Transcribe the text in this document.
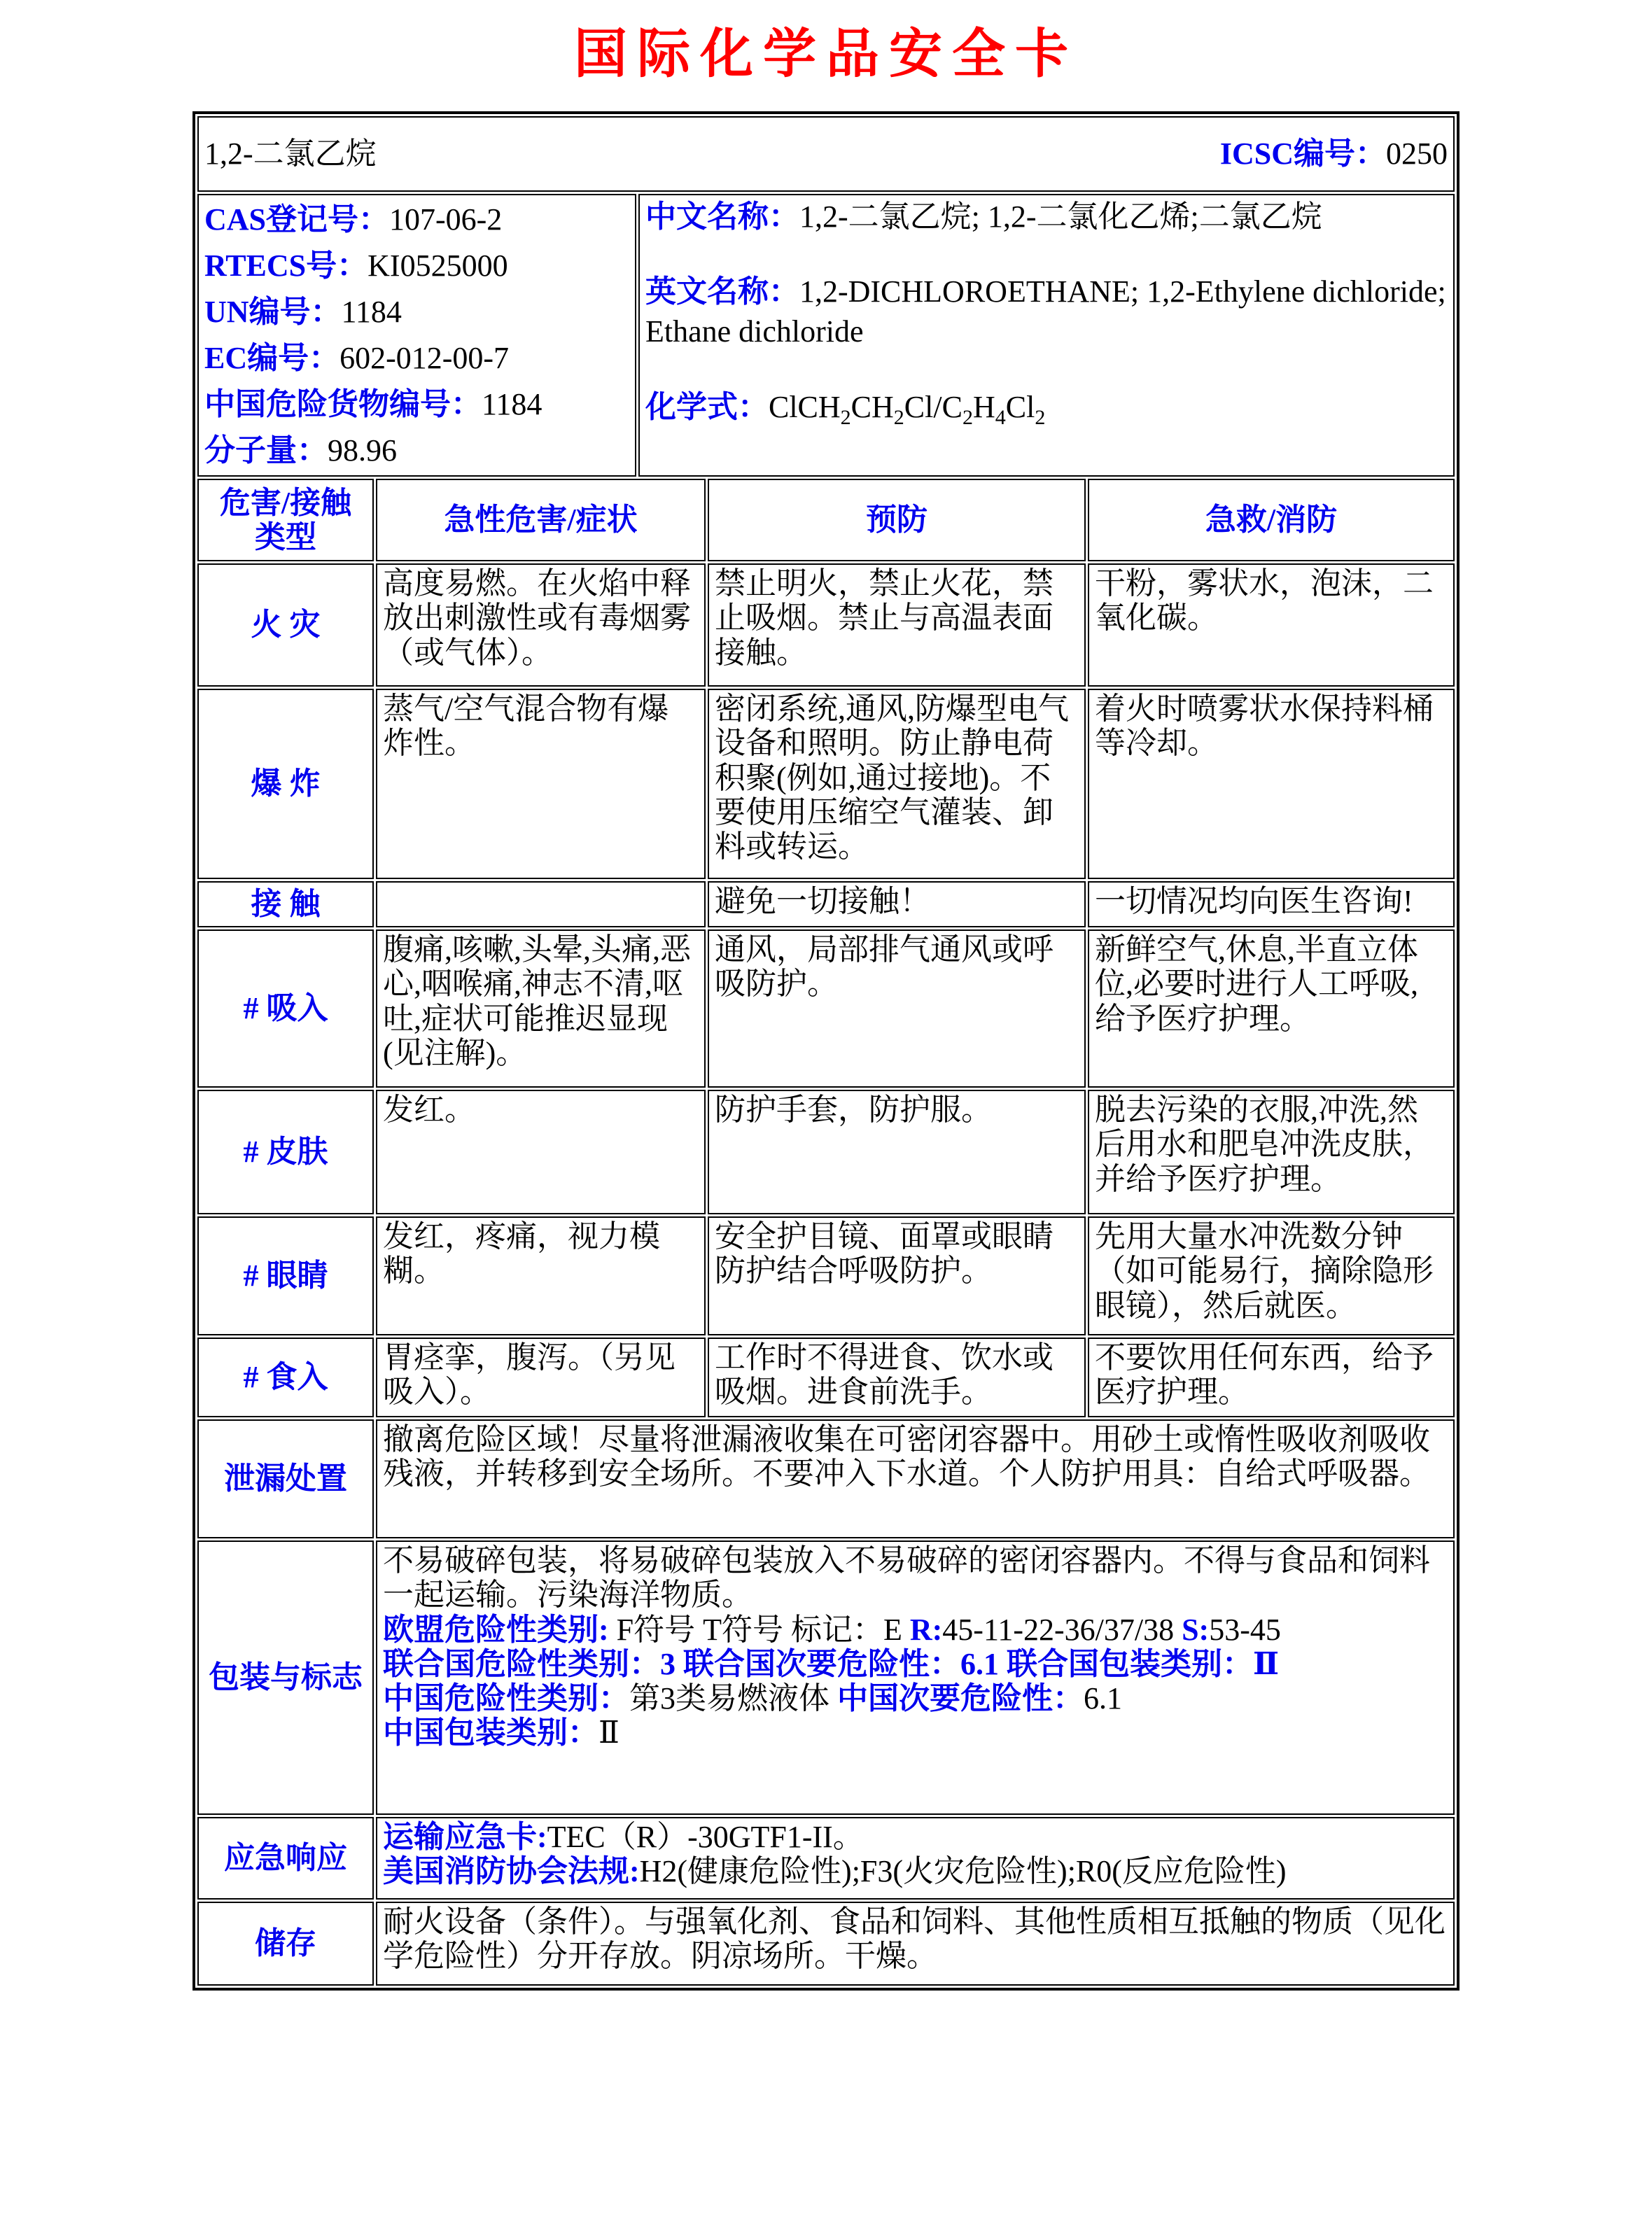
国际化学品安全卡
1,2-二氯乙烷 ICSC编号：0250				

CAS登记号：107-06-2
RTECS号：KI0525000
UN编号：1184
EC编号：602-012-00-7
中国危险货物编号：1184
分子量：98.96

中文名称：1,2-二氯乙烷; 1,2-二氯化乙烯;二氯乙烷
英文名称：1,2-DICHLOROETHANE; 1,2-Ethylene dichloride; Ethane dichloride
化学式：$ClCH_2CH_2Cl/C_2H_4Cl_2$

危害/接触类型	急性危害/症状		预防	急救/消防
火 灾	高度易燃。在火焰中释放出刺激性或有毒烟雾（或气体）。		禁止明火，禁止火花，禁止吸烟。禁止与高温表面接触。	干粉，雾状水，泡沫，二氧化碳。
爆 炸	蒸气/空气混合物有爆炸性。		密闭系统,通风,防爆型电气设备和照明。防止静电荷积聚(例如,通过接地)。不要使用压缩空气灌装、卸料或转运。	着火时喷雾状水保持料桶等冷却。
接 触			避免一切接触！	一切情况均向医生咨询!
# 吸入	腹痛,咳嗽,头晕,头痛,恶心,咽喉痛,神志不清,呕吐,症状可能推迟显现(见注解)。		通风，局部排气通风或呼吸防护。	新鲜空气,休息,半直立体位,必要时进行人工呼吸,给予医疗护理。
# 皮肤	发红。		防护手套，防护服。	脱去污染的衣服,冲洗,然后用水和肥皂冲洗皮肤，并给予医疗护理。
# 眼睛	发红，疼痛，视力模糊。		安全护目镜、面罩或眼睛防护结合呼吸防护。	先用大量水冲洗数分钟（如可能易行，摘除隐形眼镜），然后就医。
# 食入	胃痉挛，腹泻。（另见吸入）。		工作时不得进食、饮水或吸烟。进食前洗手。	不要饮用任何东西，给予医疗护理。
泄漏处置	撤离危险区域！尽量将泄漏液收集在可密闭容器中。用砂土或惰性吸收剂吸收残液，并转移到安全场所。不要冲入下水道。个人防护用具：自给式呼吸器。			
包装与标志	不易破碎包装，将易破碎包装放入不易破碎的密闭容器内。不得与食品和饲料一起运输。污染海洋物质。
欧盟危险性类别: F符号 T符号 标记：E R:45-11-22-36/37/38 S:53-45
联合国危险性类别：3 联合国次要危险性：6.1 联合国包装类别：Ⅱ
中国危险性类别：第3类易燃液体 中国次要危险性：6.1
中国包装类别：Ⅱ			
应急响应	运输应急卡:TEC（R）-30GTF1-II。
美国消防协会法规:H2(健康危险性);F3(火灾危险性);R0(反应危险性)			
储存	耐火设备（条件）。与强氧化剂、食品和饲料、其他性质相互抵触的物质（见化学危险性）分开存放。阴凉场所。干燥。			
